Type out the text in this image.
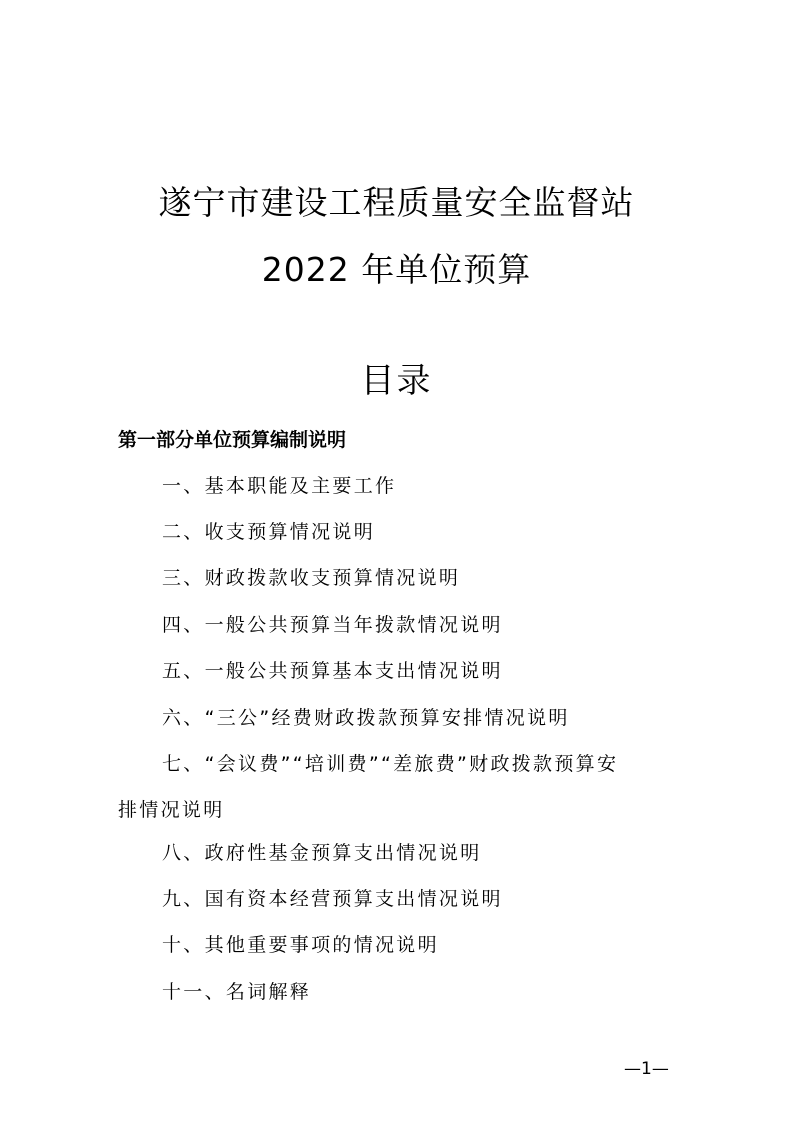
遂宁市建设工程质量安全监督站
2022 年单位预算
目录
第一部分单位预算编制说明
一、基本职能及主要工作
二、收支预算情况说明
三、财政拨款收支预算情况说明
四、一般公共预算当年拨款情况说明
五、一般公共预算基本支出情况说明
六、“三公”经费财政拨款预算安排情况说明
七、“会议费”“培训费”“差旅费”财政拨款预算安
排情况说明
八、政府性基金预算支出情况说明
九、国有资本经营预算支出情况说明
十、其他重要事项的情况说明
十一、名词解释
—1—
